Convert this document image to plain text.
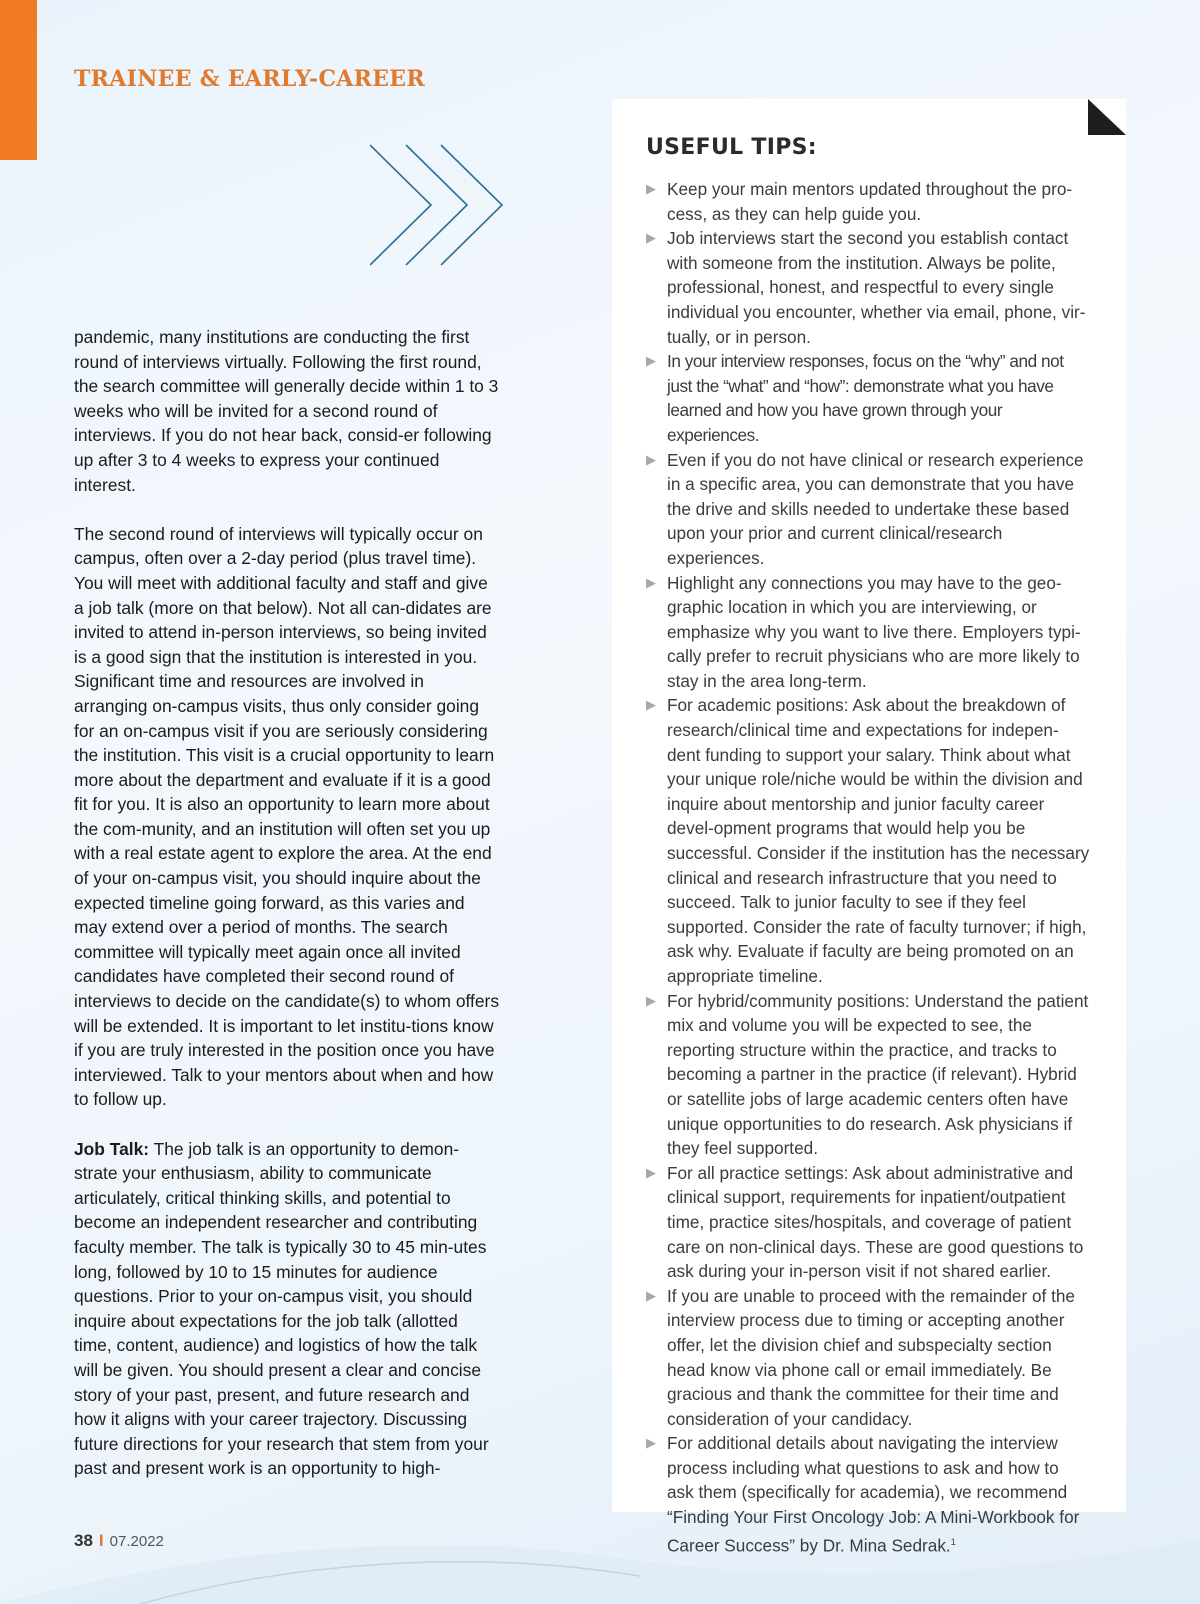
TRAINEE & EARLY-CAREER

pandemic, many institutions are conducting the first round of interviews virtually. Following the first round, the search committee will generally decide within 1 to 3 weeks who will be invited for a second round of interviews. If you do not hear back, consid-er following up after 3 to 4 weeks to express your continued interest.

The second round of interviews will typically occur on campus, often over a 2-day period (plus travel time). You will meet with additional faculty and staff and give a job talk (more on that below). Not all can-didates are invited to attend in-person interviews, so being invited is a good sign that the institution is interested in you. Significant time and resources are involved in arranging on-campus visits, thus only consider going for an on-campus visit if you are seriously considering the institution. This visit is a crucial opportunity to learn more about the department and evaluate if it is a good fit for you. It is also an opportunity to learn more about the com-munity, and an institution will often set you up with a real estate agent to explore the area. At the end of your on-campus visit, you should inquire about the expected timeline going forward, as this varies and may extend over a period of months. The search committee will typically meet again once all invited candidates have completed their second round of interviews to decide on the candidate(s) to whom offers will be extended. It is important to let institu-tions know if you are truly interested in the position once you have interviewed. Talk to your mentors about when and how to follow up.

Job Talk: The job talk is an opportunity to demon-strate your enthusiasm, ability to communicate articulately, critical thinking skills, and potential to become an independent researcher and contributing faculty member. The talk is typically 30 to 45 min-utes long, followed by 10 to 15 minutes for audience questions. Prior to your on-campus visit, you should inquire about expectations for the job talk (allotted time, content, audience) and logistics of how the talk will be given. You should present a clear and concise story of your past, present, and future research and how it aligns with your career trajectory. Discussing future directions for your research that stem from your past and present work is an opportunity to high-

USEFUL TIPS:
▶ Keep your main mentors updated throughout the pro-cess, as they can help guide you.
▶ Job interviews start the second you establish contact with someone from the institution. Always be polite, professional, honest, and respectful to every single individual you encounter, whether via email, phone, vir-tually, or in person.
▶ In your interview responses, focus on the “why” and not just the “what” and “how”: demonstrate what you have learned and how you have grown through your experiences.
▶ Even if you do not have clinical or research experience in a specific area, you can demonstrate that you have the drive and skills needed to undertake these based upon your prior and current clinical/research experiences.
▶ Highlight any connections you may have to the geo-graphic location in which you are interviewing, or emphasize why you want to live there. Employers typi-cally prefer to recruit physicians who are more likely to stay in the area long-term.
▶ For academic positions: Ask about the breakdown of research/clinical time and expectations for indepen-dent funding to support your salary. Think about what your unique role/niche would be within the division and inquire about mentorship and junior faculty career devel-opment programs that would help you be successful. Consider if the institution has the necessary clinical and research infrastructure that you need to succeed. Talk to junior faculty to see if they feel supported. Consider the rate of faculty turnover; if high, ask why. Evaluate if faculty are being promoted on an appropriate timeline.
▶ For hybrid/community positions: Understand the patient mix and volume you will be expected to see, the reporting structure within the practice, and tracks to becoming a partner in the practice (if relevant). Hybrid or satellite jobs of large academic centers often have unique opportunities to do research. Ask physicians if they feel supported.
▶ For all practice settings: Ask about administrative and clinical support, requirements for inpatient/outpatient time, practice sites/hospitals, and coverage of patient care on non-clinical days. These are good questions to ask during your in-person visit if not shared earlier.
▶ If you are unable to proceed with the remainder of the interview process due to timing or accepting another offer, let the division chief and subspecialty section head know via phone call or email immediately. Be gracious and thank the committee for their time and consideration of your candidacy.
▶ For additional details about navigating the interview process including what questions to ask and how to ask them (specifically for academia), we recommend “Finding Your First Oncology Job: A Mini-Workbook for Career Success” by Dr. Mina Sedrak.$^1$
38 I 07.2022
